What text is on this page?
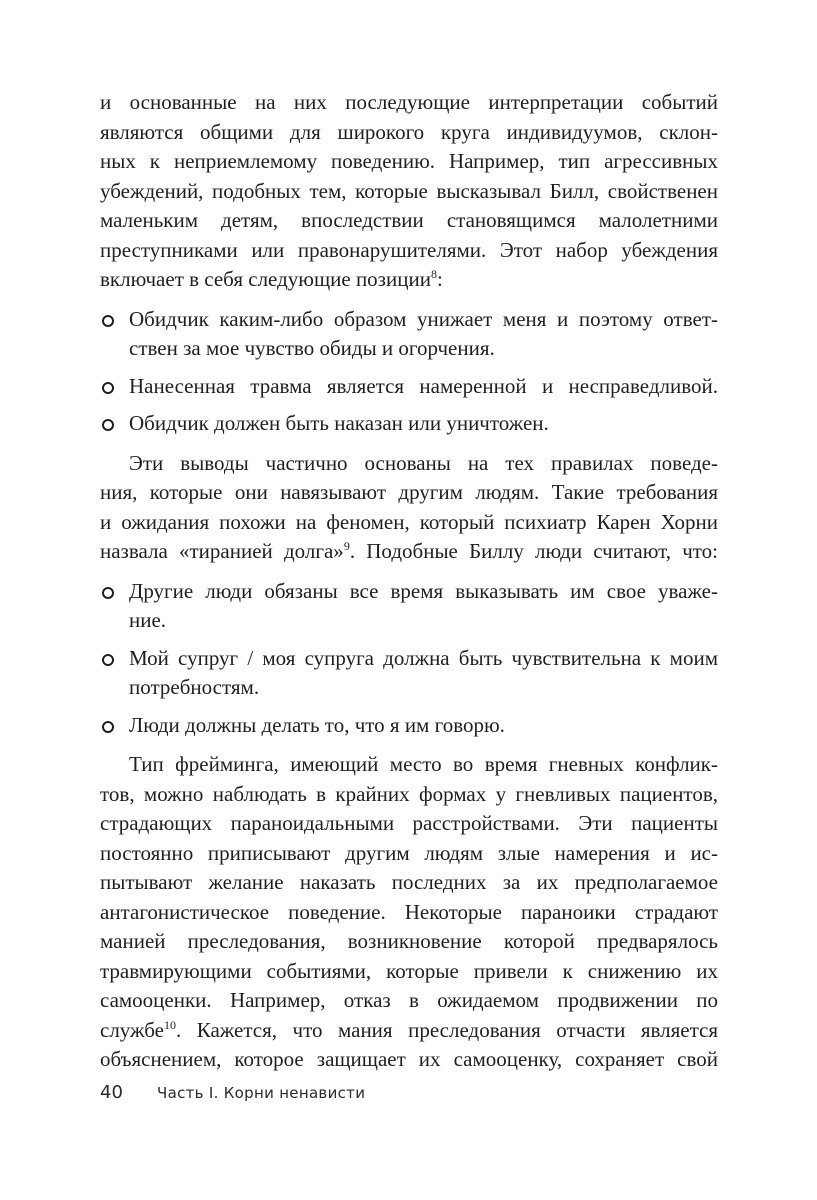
и основанные на них последующие интерпретации событий
являются общими для широкого круга индивидуумов, склон-
ных к неприемлемому поведению. Например, тип агрессивных
убеждений, подобных тем, которые высказывал Билл, свойственен
маленьким детям, впоследствии становящимся малолетними
преступниками или правонарушителями. Этот набор убеждения
включает в себя следующие позиции$^8$:
Обидчик каким-либо образом унижает меня и поэтому ответ-
ствен за мое чувство обиды и огорчения.
Нанесенная травма является намеренной и несправедливой.
Обидчик должен быть наказан или уничтожен.
Эти выводы частично основаны на тех правилах поведе-
ния, которые они навязывают другим людям. Такие требования
и ожидания похожи на феномен, который психиатр Карен Хорни
назвала «тиранией долга»$^9$. Подобные Биллу люди считают, что:
Другие люди обязаны все время выказывать им свое уваже-
ние.
Мой супруг / моя супруга должна быть чувствительна к моим
потребностям.
Люди должны делать то, что я им говорю.
Тип фрейминга, имеющий место во время гневных конфлик-
тов, можно наблюдать в крайних формах у гневливых пациентов,
страдающих параноидальными расстройствами. Эти пациенты
постоянно приписывают другим людям злые намерения и ис-
пытывают желание наказать последних за их предполагаемое
антагонистическое поведение. Некоторые параноики страдают
манией преследования, возникновение которой предварялось
травмирующими событиями, которые привели к снижению их
самооценки. Например, отказ в ожидаемом продвижении по
службе$^{10}$. Кажется, что мания преследования отчасти является
объяснением, которое защищает их самооценку, сохраняет свой
40 Часть I. Корни ненависти
